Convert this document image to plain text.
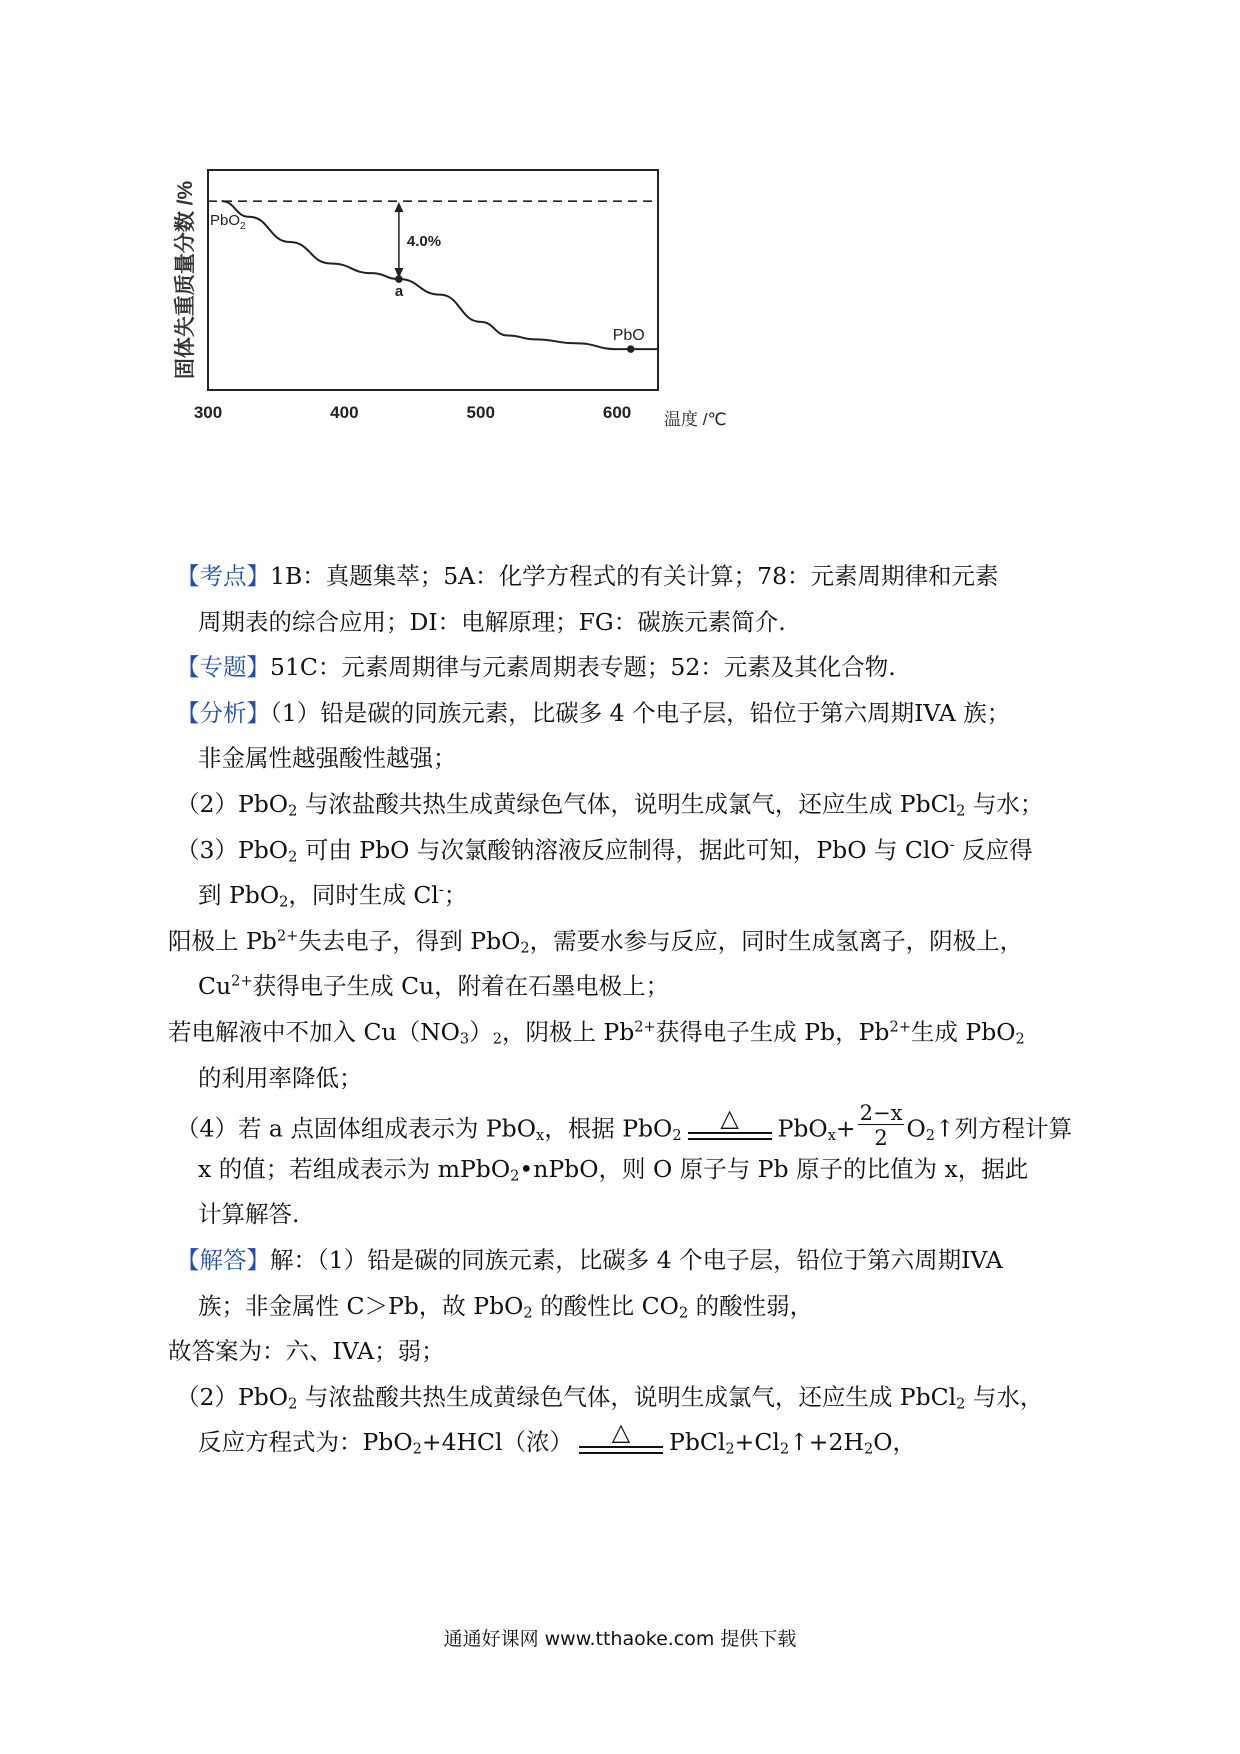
PbO$_2$
4.0%
a
PbO
300	400	500	600 温度 /℃
固体失重质量分数 /%
【考点】1B：真题集萃；5A：化学方程式的有关计算；78：元素周期律和元素
周期表的综合应用；DI：电解原理；FG：碳族元素简介.
【专题】51C：元素周期律与元素周期表专题；52：元素及其化合物.
【分析】（1）铅是碳的同族元素，比碳多 4 个电子层，铅位于第六周期IVA 族；
非金属性越强酸性越强；
（2）PbO$_2$ 与浓盐酸共热生成黄绿色气体，说明生成氯气，还应生成 PbCl$_2$ 与水；
（3）PbO$_2$ 可由 PbO 与次氯酸钠溶液反应制得，据此可知，PbO 与 ClO- 反应得
到 PbO$_2$，同时生成 Cl-；
阳极上 $Pb^{2+}$失去电子，得到 PbO$_2$，需要水参与反应，同时生成氢离子，阴极上，
$Cu^{2+}$获得电子生成 Cu，附着在石墨电极上；
若电解液中不加入 $Cu(NO_3)_2$，阴极上 $Pb^{2+}$获得电子生成 Pb，$Pb^{2+}$生成 PbO$_2$
的利用率降低；
（4）若 a 点固体组成表示为 PbO$_x$，根据 PbO$_2$
△	$PbO_x+ \frac{2-x}{2}$ $O_2↑$列方程计算
x 的值；若组成表示为 mPbO$_2$•nPbO，则 O 原子与 Pb 原子的比值为 x，据此
计算解答.
【解答】解：（1）铅是碳的同族元素，比碳多 4 个电子层，铅位于第六周期IVA
族；非金属性 C＞Pb，故 PbO$_2$ 的酸性比 $CO_2$ 的酸性弱，
故答案为：六、IVA；弱；
（2）PbO$_2$ 与浓盐酸共热生成黄绿色气体，说明生成氯气，还应生成 PbCl$_2$ 与水，
反应方程式为：PbO$_2$+4HCl（浓）	△	$PbCl_2+Cl_2↑+2H_2O$，
通通好课网 www.tthaoke.com 提供下载
